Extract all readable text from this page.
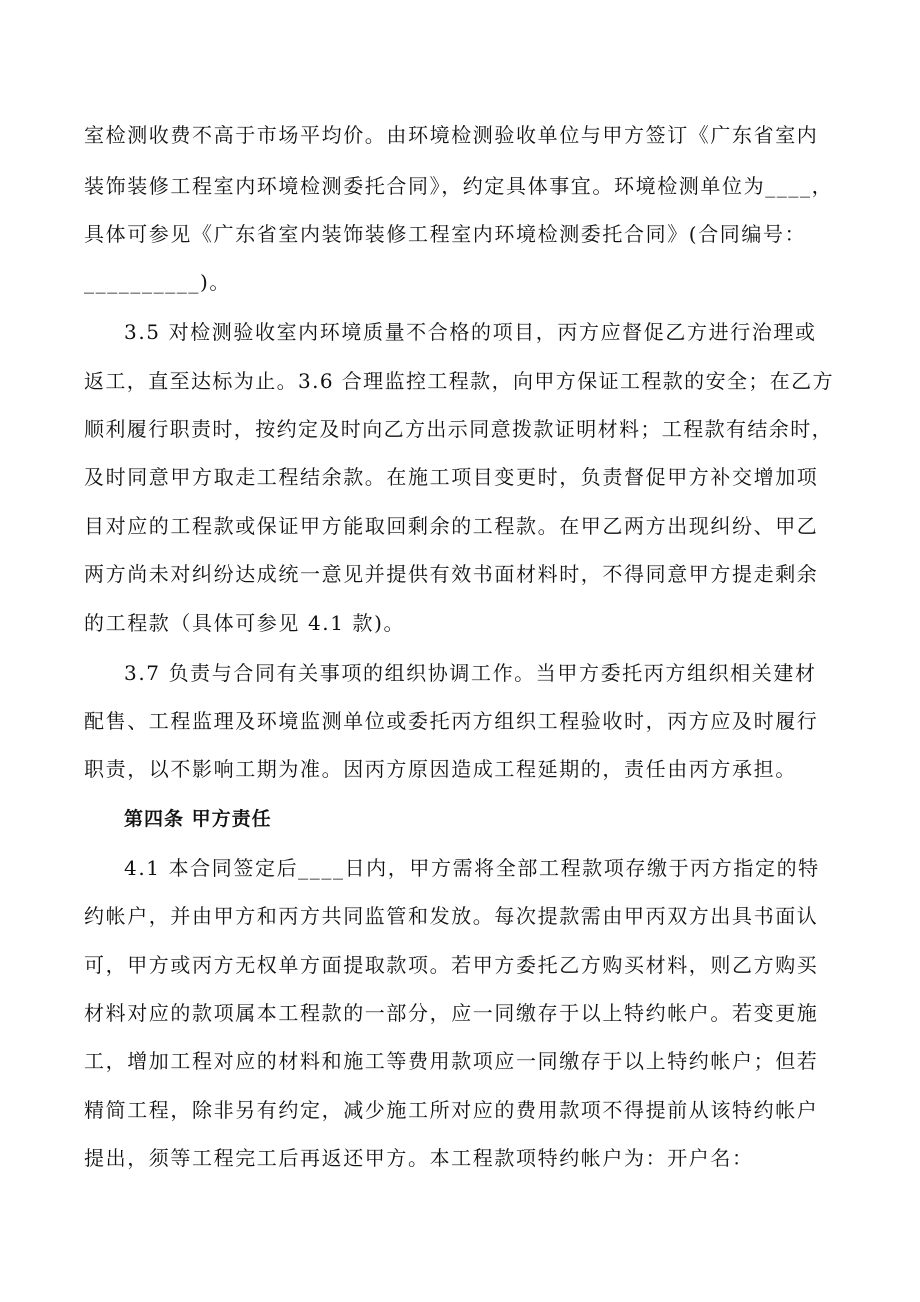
室检测收费不高于市场平均价。由环境检测验收单位与甲方签订《广东省室内
装饰装修工程室内环境检测委托合同》，约定具体事宜。环境检测单位为____，
具体可参见《广东省室内装饰装修工程室内环境检测委托合同》(合同编号：
__________)。
3.5 对检测验收室内环境质量不合格的项目，丙方应督促乙方进行治理或
返工，直至达标为止。3.6 合理监控工程款，向甲方保证工程款的安全；在乙方
顺利履行职责时，按约定及时向乙方出示同意拨款证明材料；工程款有结余时，
及时同意甲方取走工程结余款。在施工项目变更时，负责督促甲方补交增加项
目对应的工程款或保证甲方能取回剩余的工程款。在甲乙两方出现纠纷、甲乙
两方尚未对纠纷达成统一意见并提供有效书面材料时，不得同意甲方提走剩余
的工程款（具体可参见 4.1 款)。
3.7 负责与合同有关事项的组织协调工作。当甲方委托丙方组织相关建材
配售、工程监理及环境监测单位或委托丙方组织工程验收时，丙方应及时履行
职责，以不影响工期为准。因丙方原因造成工程延期的，责任由丙方承担。
第四条 甲方责任
4.1 本合同签定后____日内，甲方需将全部工程款项存缴于丙方指定的特
约帐户，并由甲方和丙方共同监管和发放。每次提款需由甲丙双方出具书面认
可，甲方或丙方无权单方面提取款项。若甲方委托乙方购买材料，则乙方购买
材料对应的款项属本工程款的一部分，应一同缴存于以上特约帐户。若变更施
工，增加工程对应的材料和施工等费用款项应一同缴存于以上特约帐户；但若
精简工程，除非另有约定，减少施工所对应的费用款项不得提前从该特约帐户
提出，须等工程完工后再返还甲方。本工程款项特约帐户为：开户名：
